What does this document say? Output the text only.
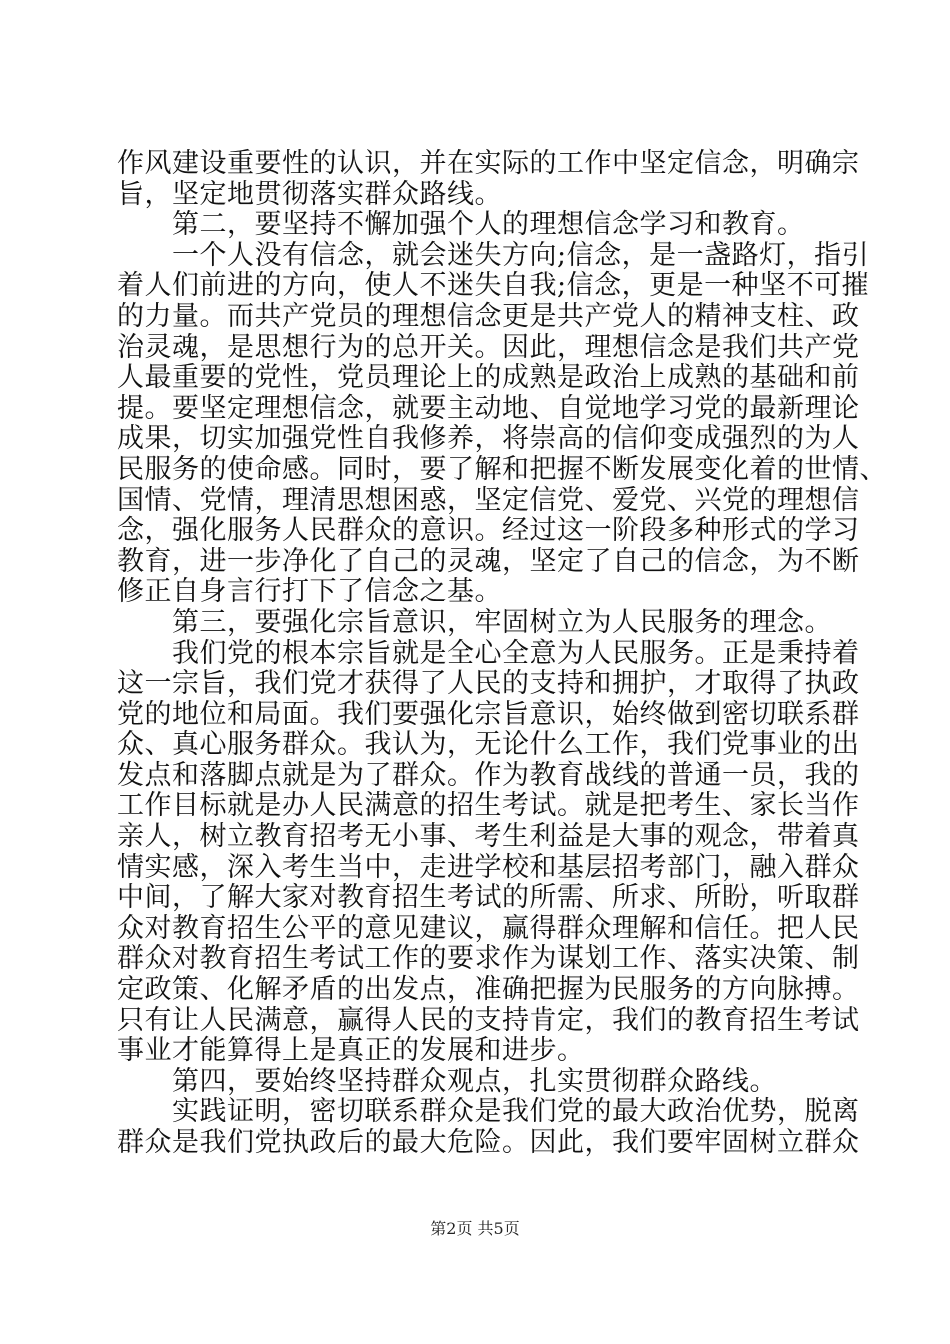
作风建设重要性的认识，并在实际的工作中坚定信念，明确宗
旨，坚定地贯彻落实群众路线。
　　第二，要坚持不懈加强个人的理想信念学习和教育。
　　一个人没有信念，就会迷失方向;信念，是一盏路灯，指引
着人们前进的方向，使人不迷失自我;信念，更是一种坚不可摧
的力量。而共产党员的理想信念更是共产党人的精神支柱、政
治灵魂，是思想行为的总开关。因此，理想信念是我们共产党
人最重要的党性，党员理论上的成熟是政治上成熟的基础和前
提。要坚定理想信念，就要主动地、自觉地学习党的最新理论
成果，切实加强党性自我修养，将崇高的信仰变成强烈的为人
民服务的使命感。同时，要了解和把握不断发展变化着的世情、
国情、党情，理清思想困惑，坚定信党、爱党、兴党的理想信
念，强化服务人民群众的意识。经过这一阶段多种形式的学习
教育，进一步净化了自己的灵魂，坚定了自己的信念，为不断
修正自身言行打下了信念之基。
　　第三，要强化宗旨意识，牢固树立为人民服务的理念。
　　我们党的根本宗旨就是全心全意为人民服务。正是秉持着
这一宗旨，我们党才获得了人民的支持和拥护，才取得了执政
党的地位和局面。我们要强化宗旨意识，始终做到密切联系群
众、真心服务群众。我认为，无论什么工作，我们党事业的出
发点和落脚点就是为了群众。作为教育战线的普通一员，我的
工作目标就是办人民满意的招生考试。就是把考生、家长当作
亲人，树立教育招考无小事、考生利益是大事的观念，带着真
情实感，深入考生当中，走进学校和基层招考部门，融入群众
中间，了解大家对教育招生考试的所需、所求、所盼，听取群
众对教育招生公平的意见建议，赢得群众理解和信任。把人民
群众对教育招生考试工作的要求作为谋划工作、落实决策、制
定政策、化解矛盾的出发点，准确把握为民服务的方向脉搏。
只有让人民满意，赢得人民的支持肯定，我们的教育招生考试
事业才能算得上是真正的发展和进步。
　　第四，要始终坚持群众观点，扎实贯彻群众路线。
　　实践证明，密切联系群众是我们党的最大政治优势，脱离
群众是我们党执政后的最大危险。因此，我们要牢固树立群众
第2页 共5页
